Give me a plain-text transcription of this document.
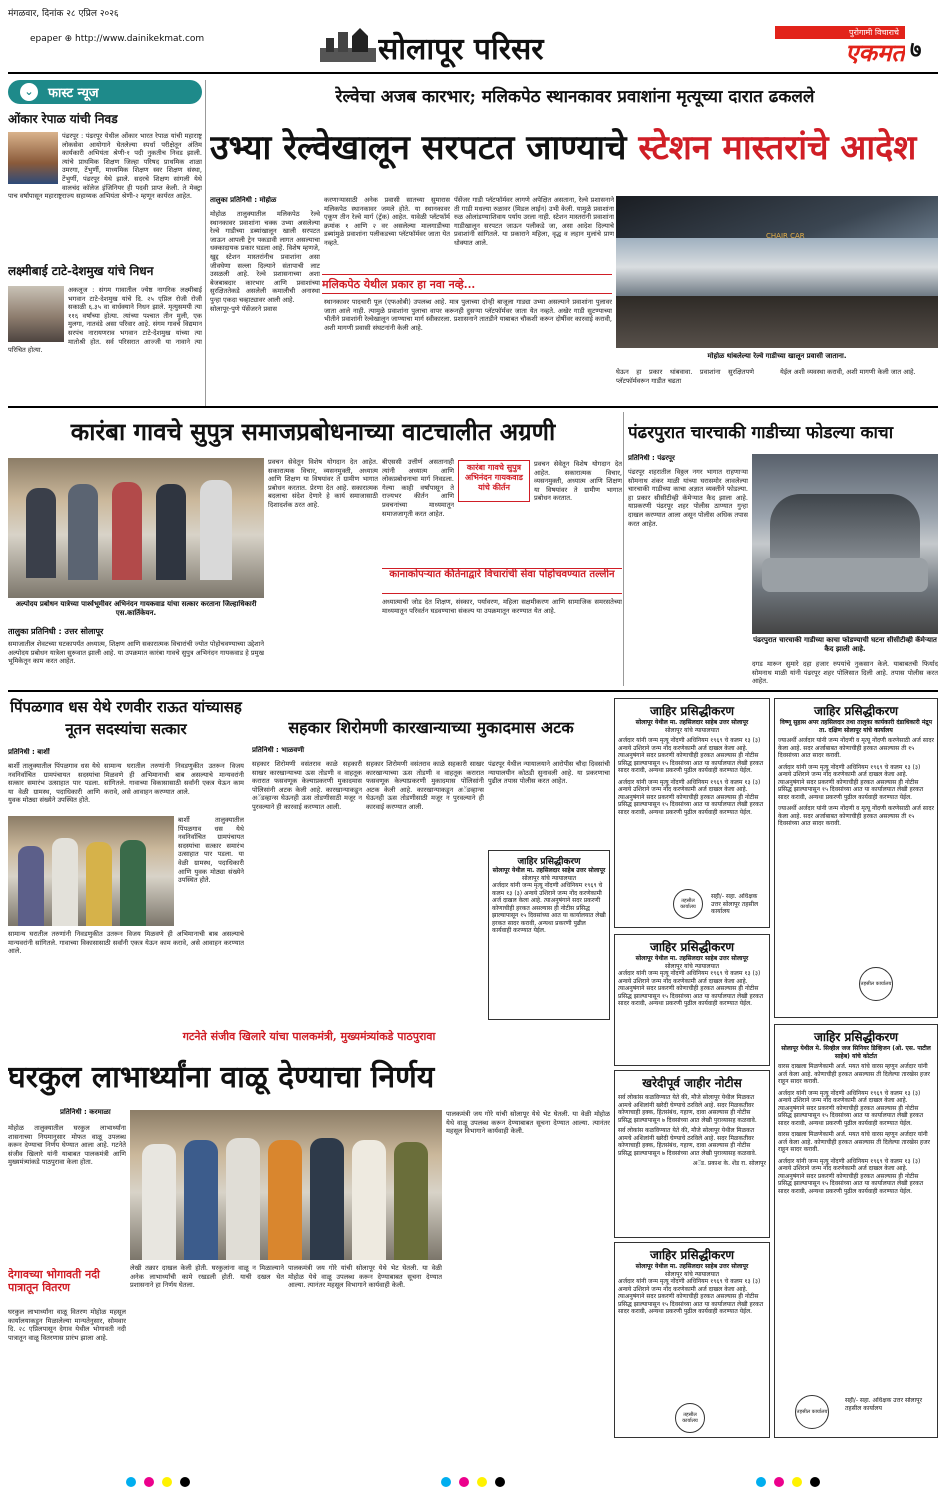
मंगळवार, दिनांक २८ एप्रिल २०२६
epaper ⊕ http://www.dainikekmat.com	सोलापूर परिसर	पुरोगामी विचाराचे
एकमत ७
⌄	फास्ट न्यूज
ओंकार रेपाळ यांची निवड
पंढरपूर : पंढरपूर येथील ओंकार भारत रेपाळ यांची महाराष्ट्र लोकसेवा आयोगाने घेतलेल्या स्पर्धा परीक्षेतून अंतिम कार्यकारी अभियंता श्रेणी-१ पदी नुकतीच निवड झाली. त्यांचे प्राथमिक शिक्षण जिल्हा परिषद प्राथमिक शाळा उमरगा, टेंभुर्णी, माध्यमिक शिक्षण स्वर शिक्षण संस्था, टेंभुर्णी, पंढरपूर येथे झाले. सदरचे शिक्षण सांगली येथे वालचंद कॉलेज इंजिनियर ही पदवी प्राप्त केली. ते मेक्ट्रा पाच वर्षांपासून महाराष्ट्रराज्य सहाय्यक अभियंता श्रेणी-२ म्हणून कार्यरत आहेत.
लक्ष्मीबाई टाटे-देशमुख यांचे निधन
अकलूज : संगम गावातील ज्येष्ठ नागरिक लक्ष्मीबाई भगवान टाटे-देशमुख यांचे दि. २५ एप्रिल रोजी रोजी सकाळी ६.३५ वा वार्धक्याने निधन झाले. मृत्युसमयी त्या ११६ वर्षांच्या होत्या. त्यांच्या पश्चात तीन मुली, एक मुलगा, नातवंडे असा परिवार आहे. संगम गावचे विद्यमान सरपंच नारायणराव भगवान टाटे-देशमुख यांच्या त्या मातोश्री होत. सर्व परिसरात आज्जी या नावाने त्या परिचित होत्या.
रेल्वेचा अजब कारभार; मलिकपेठ स्थानकावर प्रवाशांना मृत्यूच्या दारात ढकलले
उभ्या रेल्वेखालून सरपटत जाण्याचे स्टेशन मास्तरांचे आदेश
तालुका प्रतिनिधी : मोहोळ
मोहोळ तालुक्यातील मलिकपेठ रेल्वे स्थानकावर प्रवाशांना चक्क उभ्या असलेल्या रेल्वे गाडीच्या डब्यांखालून खाली सरपटत जाऊन आपली ट्रेन पकडावी लागत असल्याचा धक्कादायक प्रकार घडला आहे. विशेष म्हणजे, खुद्द स्टेशन मास्तरांनीच प्रवाशांना असा जीवघेणा सल्ला दिल्याने संतापाची लाट उसळली आहे. रेल्वे प्रशासनाच्या अशा बेजबाबदार कारभार आणि प्रवाशांच्या सुरक्षिततेकडे असलेली कमालीची अनास्था पुन्हा एकदा चव्हाट्यावर आली आहे.
सोलापूर-पुणे पॅसेंजरने प्रवास
करणाऱ्यासाठी अनेक प्रवासी सातच्या सुमारास मलिकपेठ स्थानकावर जमले होते. या स्थानकावर एकूण तीन रेल्वे मार्ग (ट्रॅक) आहेत. यावेळी प्लॅटफॉर्म क्रमांक १ आणि २ वर असलेल्या मालगाडीच्या डब्यांमुळे प्रवाशांना पलीकडच्या प्लॅटफॉर्मवर जाता येत नव्हते.
मलिकपेठ येथील प्रकार हा नवा नव्हे...
स्थानकावर पादचारी पूल (एफओबी) उपलब्ध आहे. मात्र पुलाच्या दोन्ही बाजूला गाड्या उभ्या असल्याने प्रवाशांना पुलावर जाता आले नाही. त्यामुळे प्रवाशांना पुलाचा वापर करूनही दुसऱ्या प्लॅटफॉर्मवर जाता येत नव्हते. अखेर गाडी सुटण्याच्या भीतीने प्रवाशांनी रेल्वेखालून जाण्याचा मार्ग स्वीकारला. प्रशासनाने तातडीने याबाबत चौकशी करून दोषींवर कारवाई करावी, अशी मागणी प्रवासी संघटनांनी केली आहे.
पॅसेंजर गाडी प्लॅटफॉर्मवर लागणे अपेक्षित असताना, रेल्वे प्रशासनाने ती गाडी मधल्या रुळावर (मिडल लाईन) उभी केली. यामुळे प्रवाशांना रुळ ओलांडण्याशिवाय पर्याय उरला नाही. स्टेशन मास्तरांनी प्रवाशांना गाडीखालून सरपटत जाऊन पलीकडे जा, असा आदेश दिल्याचे प्रवाशांनी सांगितले. या प्रकाराने महिला, वृद्ध व लहान मुलांचे प्राण धोक्यात आले.
CHAIR CAR
मोहोळ थांबलेल्या रेल्वे गाडीच्या खालून प्रवासी जाताना.
घेऊन हा प्रकार थांबवावा. प्रवाशांना सुरक्षितपणे प्लॅटफॉर्मवरून गाडीत चढता
येईल अशी व्यवस्था करावी, अशी मागणी केली जात आहे.
कारंबा गावचे सुपुत्र समाजप्रबोधनाच्या वाटचालीत अग्रणी
अल्पोदय प्रबोधन यात्रेच्या पार्श्वभूमीवर अभिनंदन गायकवाड यांचा सत्कार करताना जिल्हाधिकारी एस.कार्तिकेयन.
तालुका प्रतिनिधी : उत्तर सोलापूर
समाजातील शेवटच्या घटकापर्यंत अध्यात्म, शिक्षण आणि सकारात्मक विचारांची ज्योत पोहोचवण्याच्या उद्देशाने अल्पोदय प्रबोधन यात्रेला सुरूवात झाली आहे. या उपक्रमात कारंबा गावचे सुपुत्र अभिनंदन गायकवाड हे प्रमुख भूमिकेतून काम करत आहेत.
प्रवचन सेवेतून विशेष योगदान देत आहेत. सकारात्मक विचार, व्यसनमुक्ती, अध्यात्म आणि शिक्षण या विषयांवर ते ग्रामीण भागात प्रबोधन करतात. प्रेरणा देत आहे. सकारात्मक बदलाचा संदेश देणारे हे कार्य समाजासाठी दिशादर्शक ठरत आहे.
बीएससी उत्तीर्ण असतानाही त्यांनी अध्यात्म आणि लोकप्रबोधनाचा मार्ग निवडला. गेल्या काही वर्षांपासून ते राज्यभर कीर्तन आणि प्रवचनांच्या माध्यमातून समाजजागृती करत आहेत.
कारंबा गावचे सुपुत्र अभिनंदन गायकवाड यांचे कीर्तन
कानाकोपऱ्यात कीर्तनाद्वारे विचारांची सेवा पोहोचवण्यात तल्लीन
अध्यात्माची जोड देत शिक्षण, संस्कार, पर्यावरण, महिला सक्षमीकरण आणि सामाजिक समरसतेच्या माध्यमातून परिवर्तन घडवण्याचा संकल्प या उपक्रमातून करण्यात येत आहे.
प्रवचन सेवेतून विशेष योगदान देत आहेत. सकारात्मक विचार, व्यसनमुक्ती, अध्यात्म आणि शिक्षण या विषयांवर ते ग्रामीण भागात प्रबोधन करतात.
पंढरपुरात चारचाकी गाडीच्या फोडल्या काचा
प्रतिनिधी : पंढरपूर
पंढरपूर शहरातील विठ्ठल नगर भागात राहणाऱ्या सोमनाथ शंकर माळी यांच्या घरासमोर लावलेल्या चारचाकी गाडीच्या काचा अज्ञात व्यक्तीने फोडल्या. हा प्रकार सीसीटीव्ही कॅमेऱ्यात कैद झाला आहे. याप्रकरणी पंढरपूर शहर पोलीस ठाण्यात गुन्हा दाखल करण्यात आला असून पोलीस अधिक तपास करत आहेत.
पंढरपुरात चारचाकी गाडीच्या काचा फोडण्याची घटना सीसीटीव्ही कॅमेऱ्यात कैद झाली आहे.
दगड मारून सुमारे दहा हजार रुपयांचे नुकसान केले. याबाबतची फिर्याद सोमनाथ माळी यांनी पंढरपूर शहर पोलिसात दिली आहे. तपास पोलीस करत आहेत.
पिंपळगाव धस येथे रणवीर राऊत यांच्यासह नूतन सदस्यांचा सत्कार
प्रतिनिधी : बार्शी
बार्शी तालुक्यातील पिंपळगाव धस येथे नवनिर्वाचित ग्रामपंचायत सदस्यांचा सत्कार समारंभ उत्साहात पार पडला. या वेळी ग्रामस्थ, पदाधिकारी आणि युवक मोठ्या संख्येने उपस्थित होते.
सामान्य घरातील तरुणांनी निवडणुकीत उतरून विजय मिळवणे ही अभिमानाची बाब असल्याचे मान्यवरांनी सांगितले. गावाच्या विकासासाठी सर्वांनी एकत्र येऊन काम करावे, असे आवाहन करण्यात आले.
बार्शी तालुक्यातील पिंपळगाव धस येथे नवनिर्वाचित ग्रामपंचायत सदस्यांचा सत्कार समारंभ उत्साहात पार पडला. या वेळी ग्रामस्थ, पदाधिकारी आणि युवक मोठ्या संख्येने उपस्थित होते.
सामान्य घरातील तरुणांनी निवडणुकीत उतरून विजय मिळवणे ही अभिमानाची बाब असल्याचे मान्यवरांनी सांगितले. गावाच्या विकासासाठी सर्वांनी एकत्र येऊन काम करावे, असे आवाहन करण्यात आले.
गटनेते संजीव खिलारे यांचा पालकमंत्री, मुख्यमंत्र्यांकडे पाठपुरावा
सहकार शिरोमणी कारखान्याच्या मुकादमास अटक
प्रतिनिधी : भाळवणी
सहकार शिरोमणी वसंतराव काळे सहकारी साखर कारखान्याच्या ऊस तोडणी व वाहतूक करारात फसवणूक केल्याप्रकरणी मुकादमास पोलिसांनी अटक केली आहे. कारखान्याकडून अॅडव्हान्स घेऊनही ऊस तोडणीसाठी मजूर न पुरवल्याने ही कारवाई करण्यात आली.
सहकार शिरोमणी वसंतराव काळे सहकारी साखर कारखान्याच्या ऊस तोडणी व वाहतूक करारात फसवणूक केल्याप्रकरणी मुकादमास पोलिसांनी अटक केली आहे. कारखान्याकडून अॅडव्हान्स घेऊनही ऊस तोडणीसाठी मजूर न पुरवल्याने ही कारवाई करण्यात आली.
पंढरपूर येथील न्यायालयाने आरोपीस चौदा दिवसांची न्यायालयीन कोठडी सुनावली आहे. या प्रकरणाचा पुढील तपास पोलीस करत आहेत.
जाहिर प्रसिद्धीकरण
सोलापूर येथील मा. तहसिलदार साहेब उत्तर सोलापूर
सोलापूर यांचे न्यायालयात
अर्जदार यांनी जन्म मृत्यू नोंदणी अधिनियम १९६९ चे कलम १३ (३) अन्वये उशिराने जन्म नोंद करणेकामी अर्ज दाखल केला आहे. त्याअनुषंगाने सदर प्रकरणी कोणाचीही हरकत असल्यास ही नोटीस प्रसिद्ध झाल्यापासून १५ दिवसांच्या आत या कार्यालयात लेखी हरकत सादर करावी, अन्यथा प्रकरणी पुढील कार्यवाही करण्यात येईल.
घरकुल लाभार्थ्यांना वाळू देण्याचा निर्णय
प्रतिनिधी : करमाळा
मोहोळ तालुक्यातील घरकुल लाभार्थ्यांना शासनाच्या नियमानुसार मोफत वाळू उपलब्ध करून देण्याचा निर्णय घेण्यात आला आहे. गटनेते संजीव खिलारे यांनी याबाबत पालकमंत्री आणि मुख्यमंत्र्यांकडे पाठपुरावा केला होता.
देगावच्या भोगावती नदी पात्रातून वितरण
घरकुल लाभार्थ्यांना वाळू वितरण मोहोळ महसूल कार्यालयाकडून मिळालेल्या मान्यतेनुसार, सोमवार दि. २८ एप्रिलपासून देगाव येथील भोगावती नदी पात्रातून वाळू वितरणास प्रारंभ झाला आहे.
लेखी तक्रार दाखल केली होती. घरकुलांना वाळू न मिळाल्याने अनेक लाभार्थ्यांची कामे रखडली होती. याची दखल घेत प्रशासनाने हा निर्णय घेतला.
पालकमंत्री जय गोरे यांची सोलापूर येथे भेट घेतली. या वेळी मोहोळ येथे वाळू उपलब्ध करून देण्याबाबत सूचना देण्यात आल्या. त्यानंतर महसूल विभागाने कार्यवाही केली.
पालकमंत्री जय गोरे यांची सोलापूर येथे भेट घेतली. या वेळी मोहोळ येथे वाळू उपलब्ध करून देण्याबाबत सूचना देण्यात आल्या. त्यानंतर महसूल विभागाने कार्यवाही केली.
जाहिर प्रसिद्धीकरण
सोलापूर येथील मा. तहसिलदार साहेब उत्तर सोलापूर
सोलापूर यांचे न्यायालयात
अर्जदार यांनी जन्म मृत्यू नोंदणी अधिनियम १९६९ चे कलम १३ (३) अन्वये उशिराने जन्म नोंद करणेकामी अर्ज दाखल केला आहे. त्याअनुषंगाने सदर प्रकरणी कोणाचीही हरकत असल्यास ही नोटीस प्रसिद्ध झाल्यापासून १५ दिवसांच्या आत या कार्यालयात लेखी हरकत सादर करावी, अन्यथा प्रकरणी पुढील कार्यवाही करण्यात येईल.
अर्जदार यांनी जन्म मृत्यू नोंदणी अधिनियम १९६९ चे कलम १३ (३) अन्वये उशिराने जन्म नोंद करणेकामी अर्ज दाखल केला आहे. त्याअनुषंगाने सदर प्रकरणी कोणाचीही हरकत असल्यास ही नोटीस प्रसिद्ध झाल्यापासून १५ दिवसांच्या आत या कार्यालयात लेखी हरकत सादर करावी, अन्यथा प्रकरणी पुढील कार्यवाही करण्यात येईल.
तहसील कार्यालय
सही/- सहा. अधिक्षक उत्तर सोलापूर तहसील कार्यालय
जाहिर प्रसिद्धीकरण
विष्णू सुहास अपर तहसिलदार तथा तालुका कार्यकारी दंडाधिकारी मंद्रूप ता. दक्षिण सोलापूर यांचे कार्यालय
ज्याअर्थी अर्जदार यांनी जन्म नोंदणी व मृत्यू नोंदणी करणेसाठी अर्ज सादर केला आहे. सदर अर्जाबाबत कोणाचीही हरकत असल्यास ती १५ दिवसांच्या आत सादर करावी.
अर्जदार यांनी जन्म मृत्यू नोंदणी अधिनियम १९६९ चे कलम १३ (३) अन्वये उशिराने जन्म नोंद करणेकामी अर्ज दाखल केला आहे. त्याअनुषंगाने सदर प्रकरणी कोणाचीही हरकत असल्यास ही नोटीस प्रसिद्ध झाल्यापासून १५ दिवसांच्या आत या कार्यालयात लेखी हरकत सादर करावी, अन्यथा प्रकरणी पुढील कार्यवाही करण्यात येईल.
ज्याअर्थी अर्जदार यांनी जन्म नोंदणी व मृत्यू नोंदणी करणेसाठी अर्ज सादर केला आहे. सदर अर्जाबाबत कोणाचीही हरकत असल्यास ती १५ दिवसांच्या आत सादर करावी.
तहसील कार्यालय
जाहिर प्रसिद्धीकरण
सोलापूर येथील मा. तहसिलदार साहेब उत्तर सोलापूर
सोलापूर यांचे न्यायालयात
अर्जदार यांनी जन्म मृत्यू नोंदणी अधिनियम १९६९ चे कलम १३ (३) अन्वये उशिराने जन्म नोंद करणेकामी अर्ज दाखल केला आहे. त्याअनुषंगाने सदर प्रकरणी कोणाचीही हरकत असल्यास ही नोटीस प्रसिद्ध झाल्यापासून १५ दिवसांच्या आत या कार्यालयात लेखी हरकत सादर करावी, अन्यथा प्रकरणी पुढील कार्यवाही करण्यात येईल.
खरेदीपूर्व जाहीर नोटीस
सर्व लोकांस कळविण्यात येते की, मौजे सोलापूर येथील मिळकत आमचे अशिलांनी खरेदी घेण्याचे ठरविले आहे. सदर मिळकतीवर कोणाचाही हक्क, हितसंबंध, गहाण, दावा असल्यास ही नोटीस प्रसिद्ध झाल्यापासून ७ दिवसांच्या आत लेखी पुराव्यासह कळवावे.
सर्व लोकांस कळविण्यात येते की, मौजे सोलापूर येथील मिळकत आमचे अशिलांनी खरेदी घेण्याचे ठरविले आहे. सदर मिळकतीवर कोणाचाही हक्क, हितसंबंध, गहाण, दावा असल्यास ही नोटीस प्रसिद्ध झाल्यापासून ७ दिवसांच्या आत लेखी पुराव्यासह कळवावे.
अॅड. प्रकाश के. शेंड रा. सोलापूर
जाहिर प्रसिद्धीकरण
सोलापूर येथील मा. तहसिलदार साहेब उत्तर सोलापूर
सोलापूर यांचे न्यायालयात
अर्जदार यांनी जन्म मृत्यू नोंदणी अधिनियम १९६९ चे कलम १३ (३) अन्वये उशिराने जन्म नोंद करणेकामी अर्ज दाखल केला आहे. त्याअनुषंगाने सदर प्रकरणी कोणाचीही हरकत असल्यास ही नोटीस प्रसिद्ध झाल्यापासून १५ दिवसांच्या आत या कार्यालयात लेखी हरकत सादर करावी, अन्यथा प्रकरणी पुढील कार्यवाही करण्यात येईल.
तहसील कार्यालय
जाहिर प्रसिद्धीकरण
सोलापूर येथील मे. सिव्हील जज सिनियर डिव्हिजन (ओ. एस. पाटील साहेब) यांचे कोर्टात
वारस दाखला मिळणेकामी अर्ज. मयत यांचे वारस म्हणून अर्जदार यांनी अर्ज केला आहे. कोणाचीही हरकत असल्यास ती दिलेल्या तारखेस हजर राहून सादर करावी.
अर्जदार यांनी जन्म मृत्यू नोंदणी अधिनियम १९६९ चे कलम १३ (३) अन्वये उशिराने जन्म नोंद करणेकामी अर्ज दाखल केला आहे. त्याअनुषंगाने सदर प्रकरणी कोणाचीही हरकत असल्यास ही नोटीस प्रसिद्ध झाल्यापासून १५ दिवसांच्या आत या कार्यालयात लेखी हरकत सादर करावी, अन्यथा प्रकरणी पुढील कार्यवाही करण्यात येईल.
वारस दाखला मिळणेकामी अर्ज. मयत यांचे वारस म्हणून अर्जदार यांनी अर्ज केला आहे. कोणाचीही हरकत असल्यास ती दिलेल्या तारखेस हजर राहून सादर करावी.
अर्जदार यांनी जन्म मृत्यू नोंदणी अधिनियम १९६९ चे कलम १३ (३) अन्वये उशिराने जन्म नोंद करणेकामी अर्ज दाखल केला आहे. त्याअनुषंगाने सदर प्रकरणी कोणाचीही हरकत असल्यास ही नोटीस प्रसिद्ध झाल्यापासून १५ दिवसांच्या आत या कार्यालयात लेखी हरकत सादर करावी, अन्यथा प्रकरणी पुढील कार्यवाही करण्यात येईल.
तहसील कार्यालय
सही/- सहा. अधिक्षक उत्तर सोलापूर तहसील कार्यालय
